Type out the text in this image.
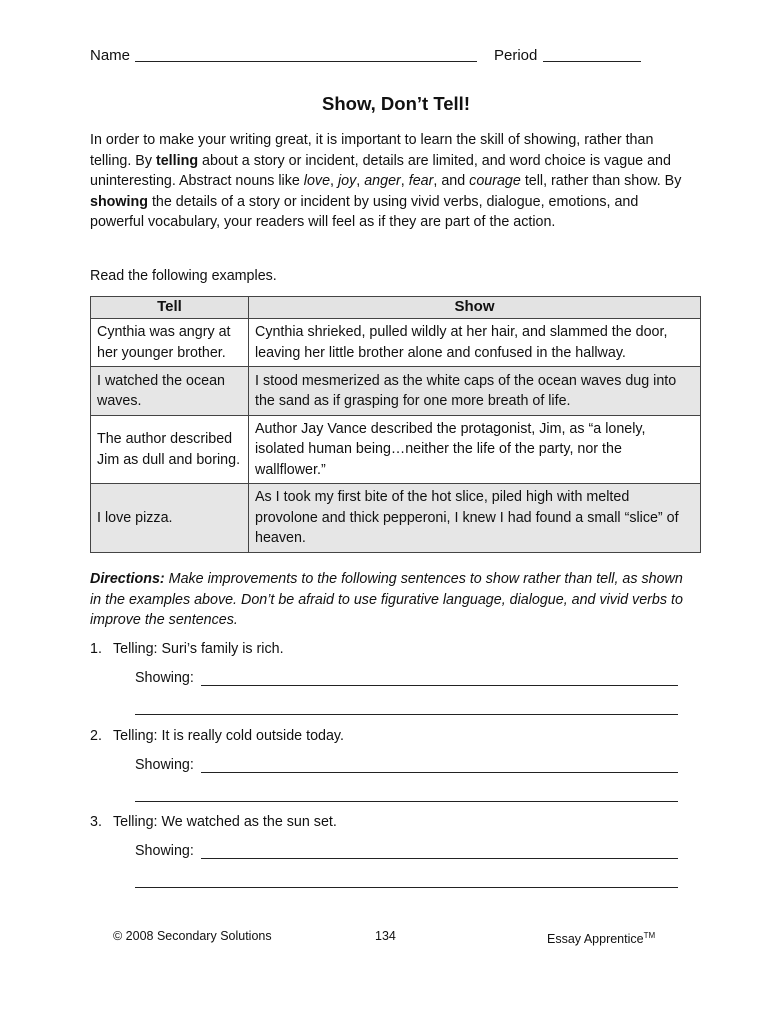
Name	Period
Show, Don’t Tell!

In order to make your writing great, it is important to learn the skill of showing, rather than telling. By telling about a story or incident, details are limited, and word choice is vague and uninteresting. Abstract nouns like love, joy, anger, fear, and courage tell, rather than show. By showing the details of a story or incident by using vivid verbs, dialogue, emotions, and powerful vocabulary, your readers will feel as if they are part of the action.

Read the following examples.
Tell	Show
Cynthia was angry at her younger brother.	Cynthia shrieked, pulled wildly at her hair, and slammed the door, leaving her little brother alone and confused in the hallway.
I watched the ocean waves.	I stood mesmerized as the white caps of the ocean waves dug into the sand as if grasping for one more breath of life.
The author described Jim as dull and boring.	Author Jay Vance described the protagonist, Jim, as “a lonely, isolated human being…neither the life of the party, nor the wallflower.”
I love pizza.	As I took my first bite of the hot slice, piled high with melted provolone and thick pepperoni, I knew I had found a small “slice” of heaven.
Directions: Make improvements to the following sentences to show rather than tell, as shown in the examples above. Don’t be afraid to use figurative language, dialogue, and vivid verbs to improve the sentences.
1. Telling: Suri’s family is rich.
Showing:
2. Telling: It is really cold outside today.
Showing:
3. Telling: We watched as the sun set.
Showing:
© 2008 Secondary Solutions	134	Essay Apprentice™
